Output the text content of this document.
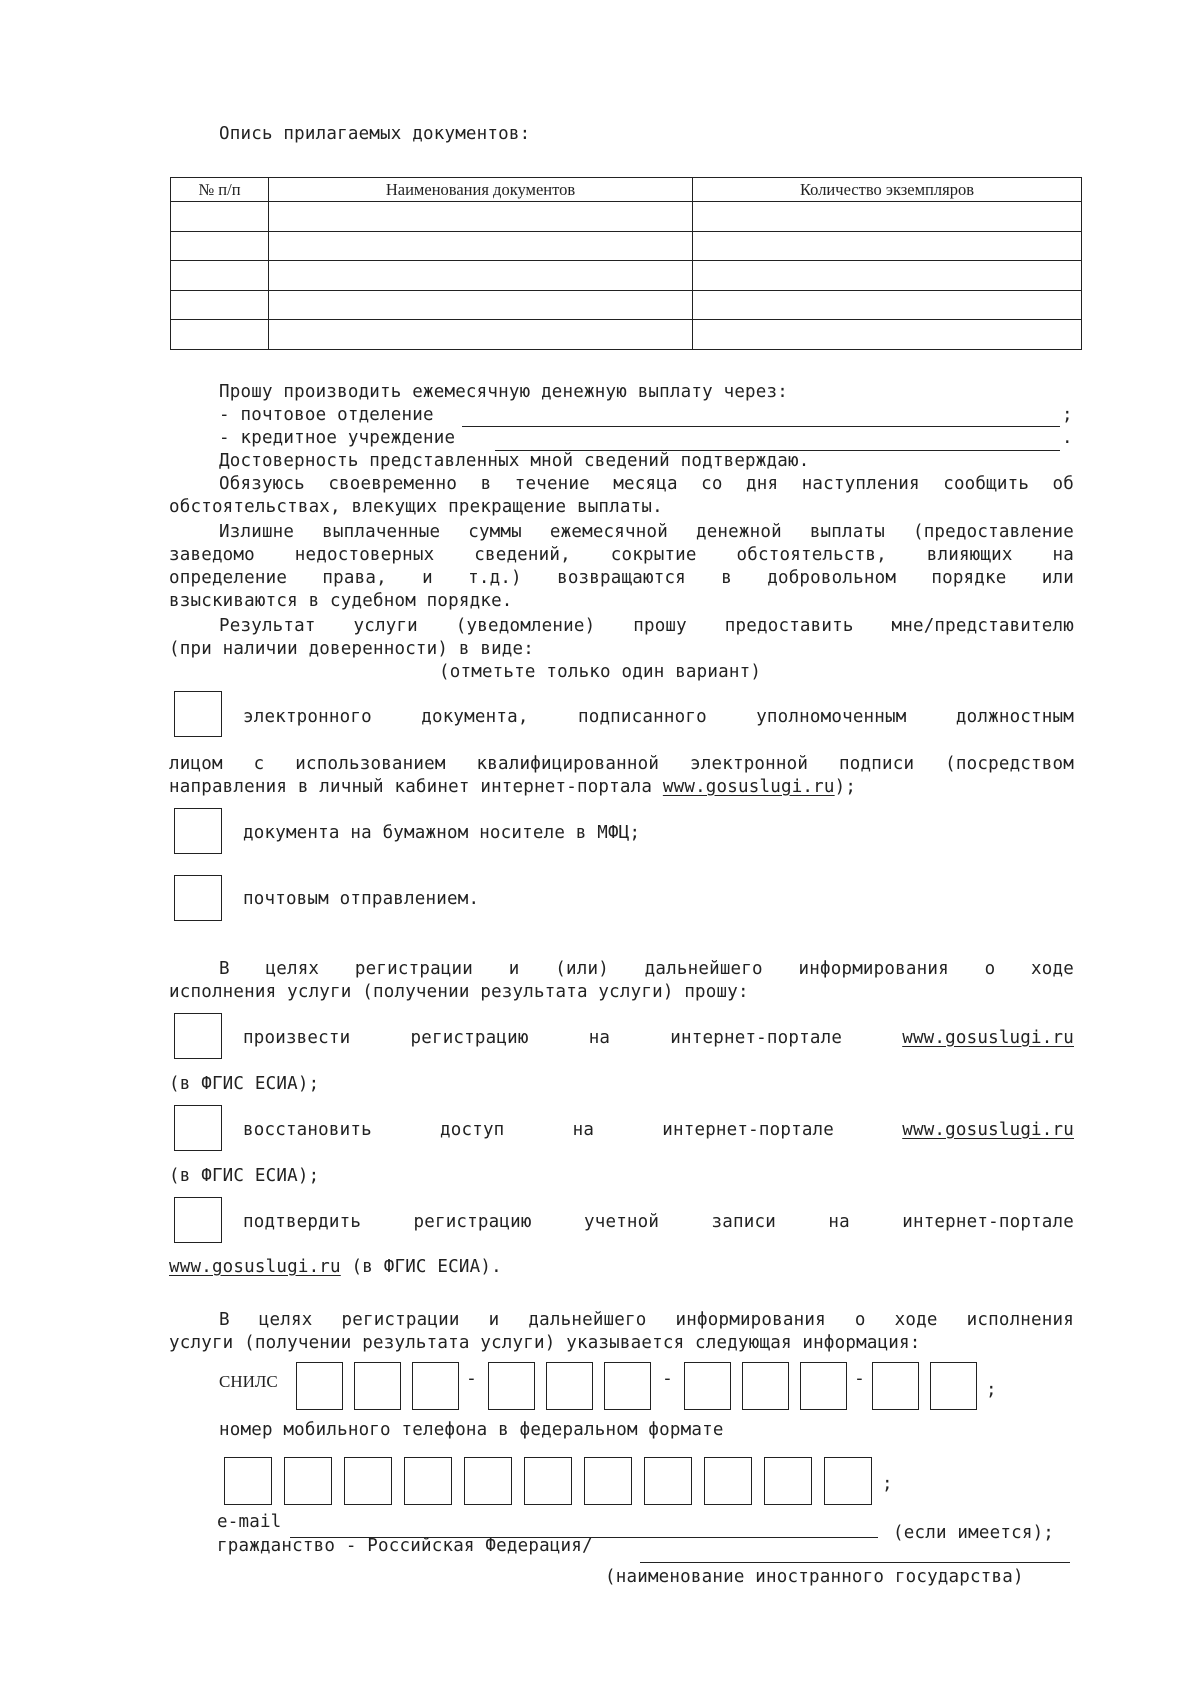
Опись прилагаемых документов:
№ п/п	Наименования документов	Количество экземпляров

Прошу производить ежемесячную денежную выплату через:
- почтовое отделение	;
- кредитное учреждение	.
Достоверность представленных мной сведений подтверждаю.
Обязуюсь своевременно в течение месяца со дня наступления сообщить об
обстоятельствах, влекущих прекращение выплаты.
Излишне выплаченные суммы ежемесячной денежной выплаты (предоставление
заведомо недостоверных сведений, сокрытие обстоятельств, влияющих на
определение права, и т.д.) возвращаются в добровольном порядке или
взыскиваются в судебном порядке.
Результат услуги (уведомление) прошу предоставить мне/представителю
(при наличии доверенности) в виде:
(отметьте только один вариант)
электронного документа, подписанного уполномоченным должностным
лицом с использованием квалифицированной электронной подписи (посредством
направления в личный кабинет интернет-портала www.gosuslugi.ru);
документа на бумажном носителе в МФЦ;
почтовым отправлением.
В целях регистрации и (или) дальнейшего информирования о ходе
исполнения услуги (получении результата услуги) прошу:
произвести регистрацию на интернет-портале	www.gosuslugi.ru
(в ФГИС ЕСИА);
восстановить доступ на интернет-портале	www.gosuslugi.ru
(в ФГИС ЕСИА);
подтвердить регистрацию учетной записи на интернет-портале
www.gosuslugi.ru (в ФГИС ЕСИА).
В целях регистрации и дальнейшего информирования о ходе исполнения
услуги (получении результата услуги) указывается следующая информация:
СНИЛС	-	-	-
;
номер мобильного телефона в федеральном формате
;
e-mail
(если имеется);
гражданство - Российская Федерация/
(наименование иностранного государства)
